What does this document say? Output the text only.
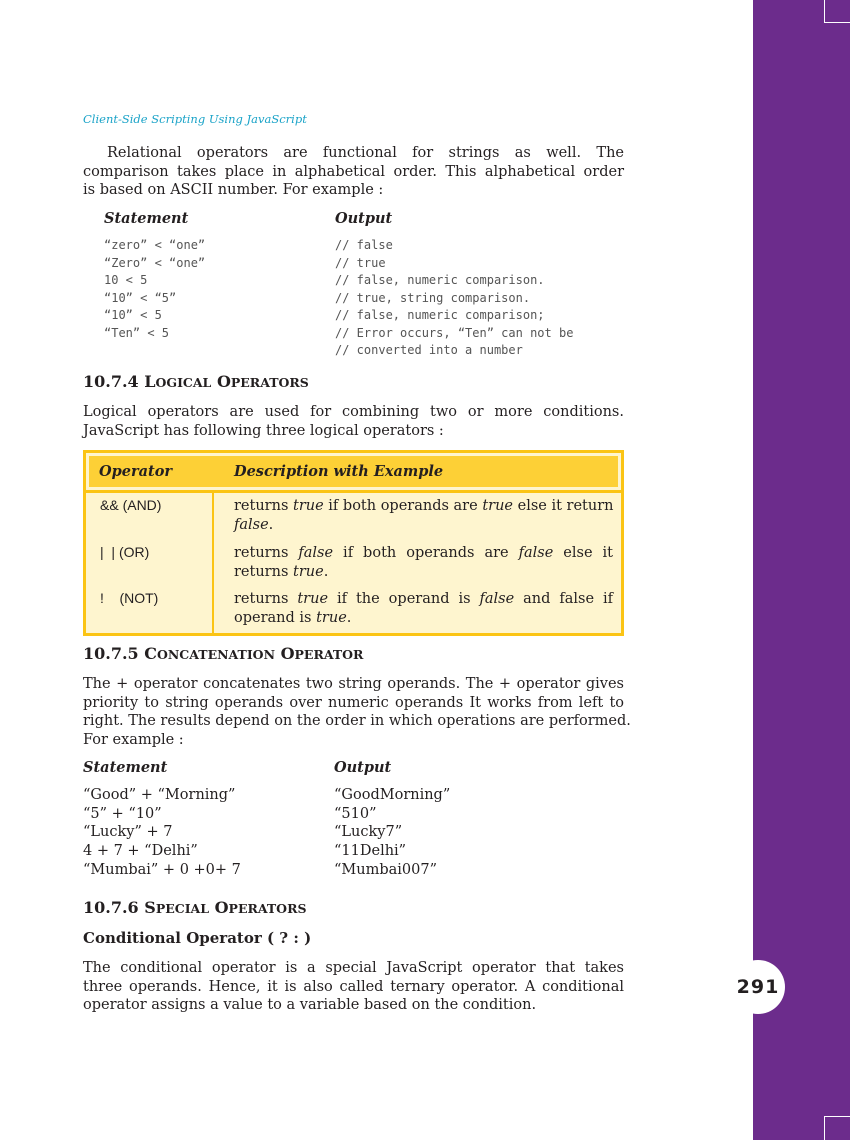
291
Client-Side Scripting Using JavaScript
Relational operators are functional for strings as well. The
comparison takes place in alphabetical order. This alphabetical order
is based on ASCII number. For example :
Statement	Output
“zero” < “one”	// false
“Zero” < “one”	// true
10 < 5	// false, numeric comparison.
“10” < “5”	// true, string comparison.
“10” < 5	// false, numeric comparison;
“Ten” < 5	// Error occurs, “Ten” can not be
// converted into a number
10.7.4 LOGICAL OPERATORS
Logical operators are used for combining two or more conditions.
JavaScript has following three logical operators :
Operator	Description with Example
&& (AND)	returns true if both operands are true else it return
false.
|  | (OR)	returns false if both operands are false else it
returns true.
!    (NOT)	returns true if the operand is false and false if
operand is true.
10.7.5 CONCATENATION OPERATOR
The + operator concatenates two string operands. The + operator gives
priority to string operands over numeric operands It works from left to
right. The results depend on the order in which operations are performed.
For example :
Statement	Output
“Good” + “Morning”	“GoodMorning”
“5” + “10”	“510”
“Lucky” + 7	“Lucky7”
4 + 7 + “Delhi”	“11Delhi”
“Mumbai” + 0 +0+ 7	“Mumbai007”
10.7.6 SPECIAL OPERATORS
Conditional Operator ( ? : )
The conditional operator is a special JavaScript operator that takes
three operands. Hence, it is also called ternary operator. A conditional
operator assigns a value to a variable based on the condition.
